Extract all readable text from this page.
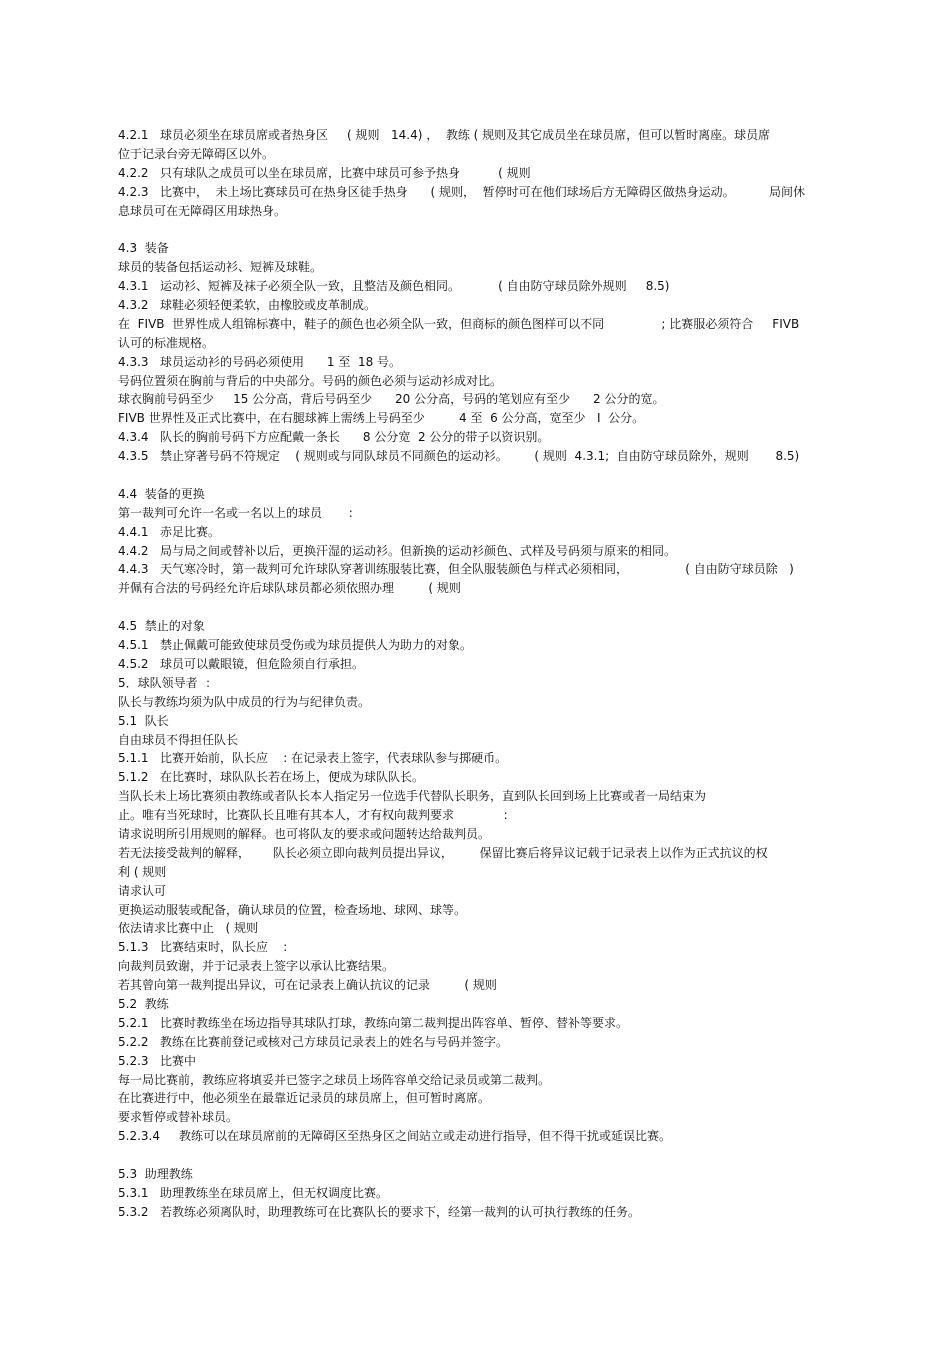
4.2.1   球员必须坐在球员席或者热身区     ( 规则   14.4) ，  教练 ( 规则及其它成员坐在球员席，但可以暂时离座。球员席
位于记录台旁无障碍区以外。
4.2.2   只有球队之成员可以坐在球员席，比赛中球员可参予热身          ( 规则
4.2.3   比赛中，  未上场比赛球员可在热身区徒手热身      ( 规则，  暂停时可在他们球场后方无障碍区做热身运动。         局间休
息球员可在无障碍区用球热身。
4.3  装备
球员的装备包括运动衫、短裤及球鞋。
4.3.1   运动衫、短裤及袜子必须全队一致，且整洁及颜色相同。          ( 自由防守球员除外规则     8.5)
4.3.2   球鞋必须轻便柔软，由橡胶或皮革制成。
在  FIVB  世界性成人组锦标赛中，鞋子的颜色也必须全队一致，但商标的颜色图样可以不同               ; 比赛服必须符合     FIVB
认可的标准规格。
4.3.3   球员运动衫的号码必须使用      1 至  18 号。
号码位置须在胸前与背后的中央部分。号码的颜色必须与运动衫成对比。
球衣胸前号码至少     15 公分高，背后号码至少      20 公分高，号码的笔划应有至少      2 公分的宽。
FIVB 世界性及正式比赛中，在右腿球裤上需绣上号码至少         4 至  6 公分高，宽至少   I  公分。
4.3.4   队长的胸前号码下方应配戴一条长      8 公分宽  2 公分的带子以资识别。
4.3.5   禁止穿著号码不符规定    ( 规则或与同队球员不同颜色的运动衫。       ( 规则  4.3.1;  自由防守球员除外，规则       8.5)
4.4  装备的更换
第一裁判可允许一名或一名以上的球员       :
4.4.1   赤足比赛。
4.4.2   局与局之间或替补以后，更换汗湿的运动衫。但新换的运动衫颜色、式样及号码须与原来的相同。
4.4.3   天气寒冷时，第一裁判可允许球队穿著训练服装比赛，但全队服装颜色与样式必须相同，               ( 自由防守球员除   )
并佩有合法的号码经允许后球队球员都必须依照办理         ( 规则
4.5  禁止的对象
4.5.1   禁止佩戴可能致使球员受伤或为球员提供人为助力的对象。
4.5.2   球员可以戴眼镜，但危险须自行承担。
5．球队领导者  ：
队长与教练均须为队中成员的行为与纪律负责。
5.1  队长
自由球员不得担任队长
5.1.1   比赛开始前，队长应    : 在记录表上签字，代表球队参与掷硬币。
5.1.2   在比赛时，球队队长若在场上，便成为球队队长。
当队长未上场比赛须由教练或者队长本人指定另一位选手代替队长职务，直到队长回到场上比赛或者一局结束为
止。唯有当死球时，比赛队长且唯有其本人，才有权向裁判要求             :
请求说明所引用规则的解释。也可将队友的要求或问题转达给裁判员。
若无法接受裁判的解释，      队长必须立即向裁判员提出异议，       保留比赛后将异议记载于记录表上以作为正式抗议的权
利 ( 规则
请求认可
更换运动服装或配备，确认球员的位置，检查场地、球网、球等。
依法请求比赛中止   ( 规则
5.1.3   比赛结束时，队长应    :
向裁判员致谢，并于记录表上签字以承认比赛结果。
若其曾向第一裁判提出异议，可在记录表上确认抗议的记录         ( 规则
5.2  教练
5.2.1   比赛时教练坐在场边指导其球队打球，教练向第二裁判提出阵容单、暂停、替补等要求。
5.2.2   教练在比赛前登记或核对己方球员记录表上的姓名与号码并签字。
5.2.3   比赛中
每一局比赛前，教练应将填妥并已签字之球员上场阵容单交给记录员或第二裁判。
在比赛进行中，他必须坐在最靠近记录员的球员席上，但可暂时离席。
要求暂停或替补球员。
5.2.3.4     教练可以在球员席前的无障碍区至热身区之间站立或走动进行指导，但不得干扰或延误比赛。
5.3  助理教练
5.3.1   助理教练坐在球员席上，但无权调度比赛。
5.3.2   若教练必须离队时，助理教练可在比赛队长的要求下，经第一裁判的认可执行教练的任务。
